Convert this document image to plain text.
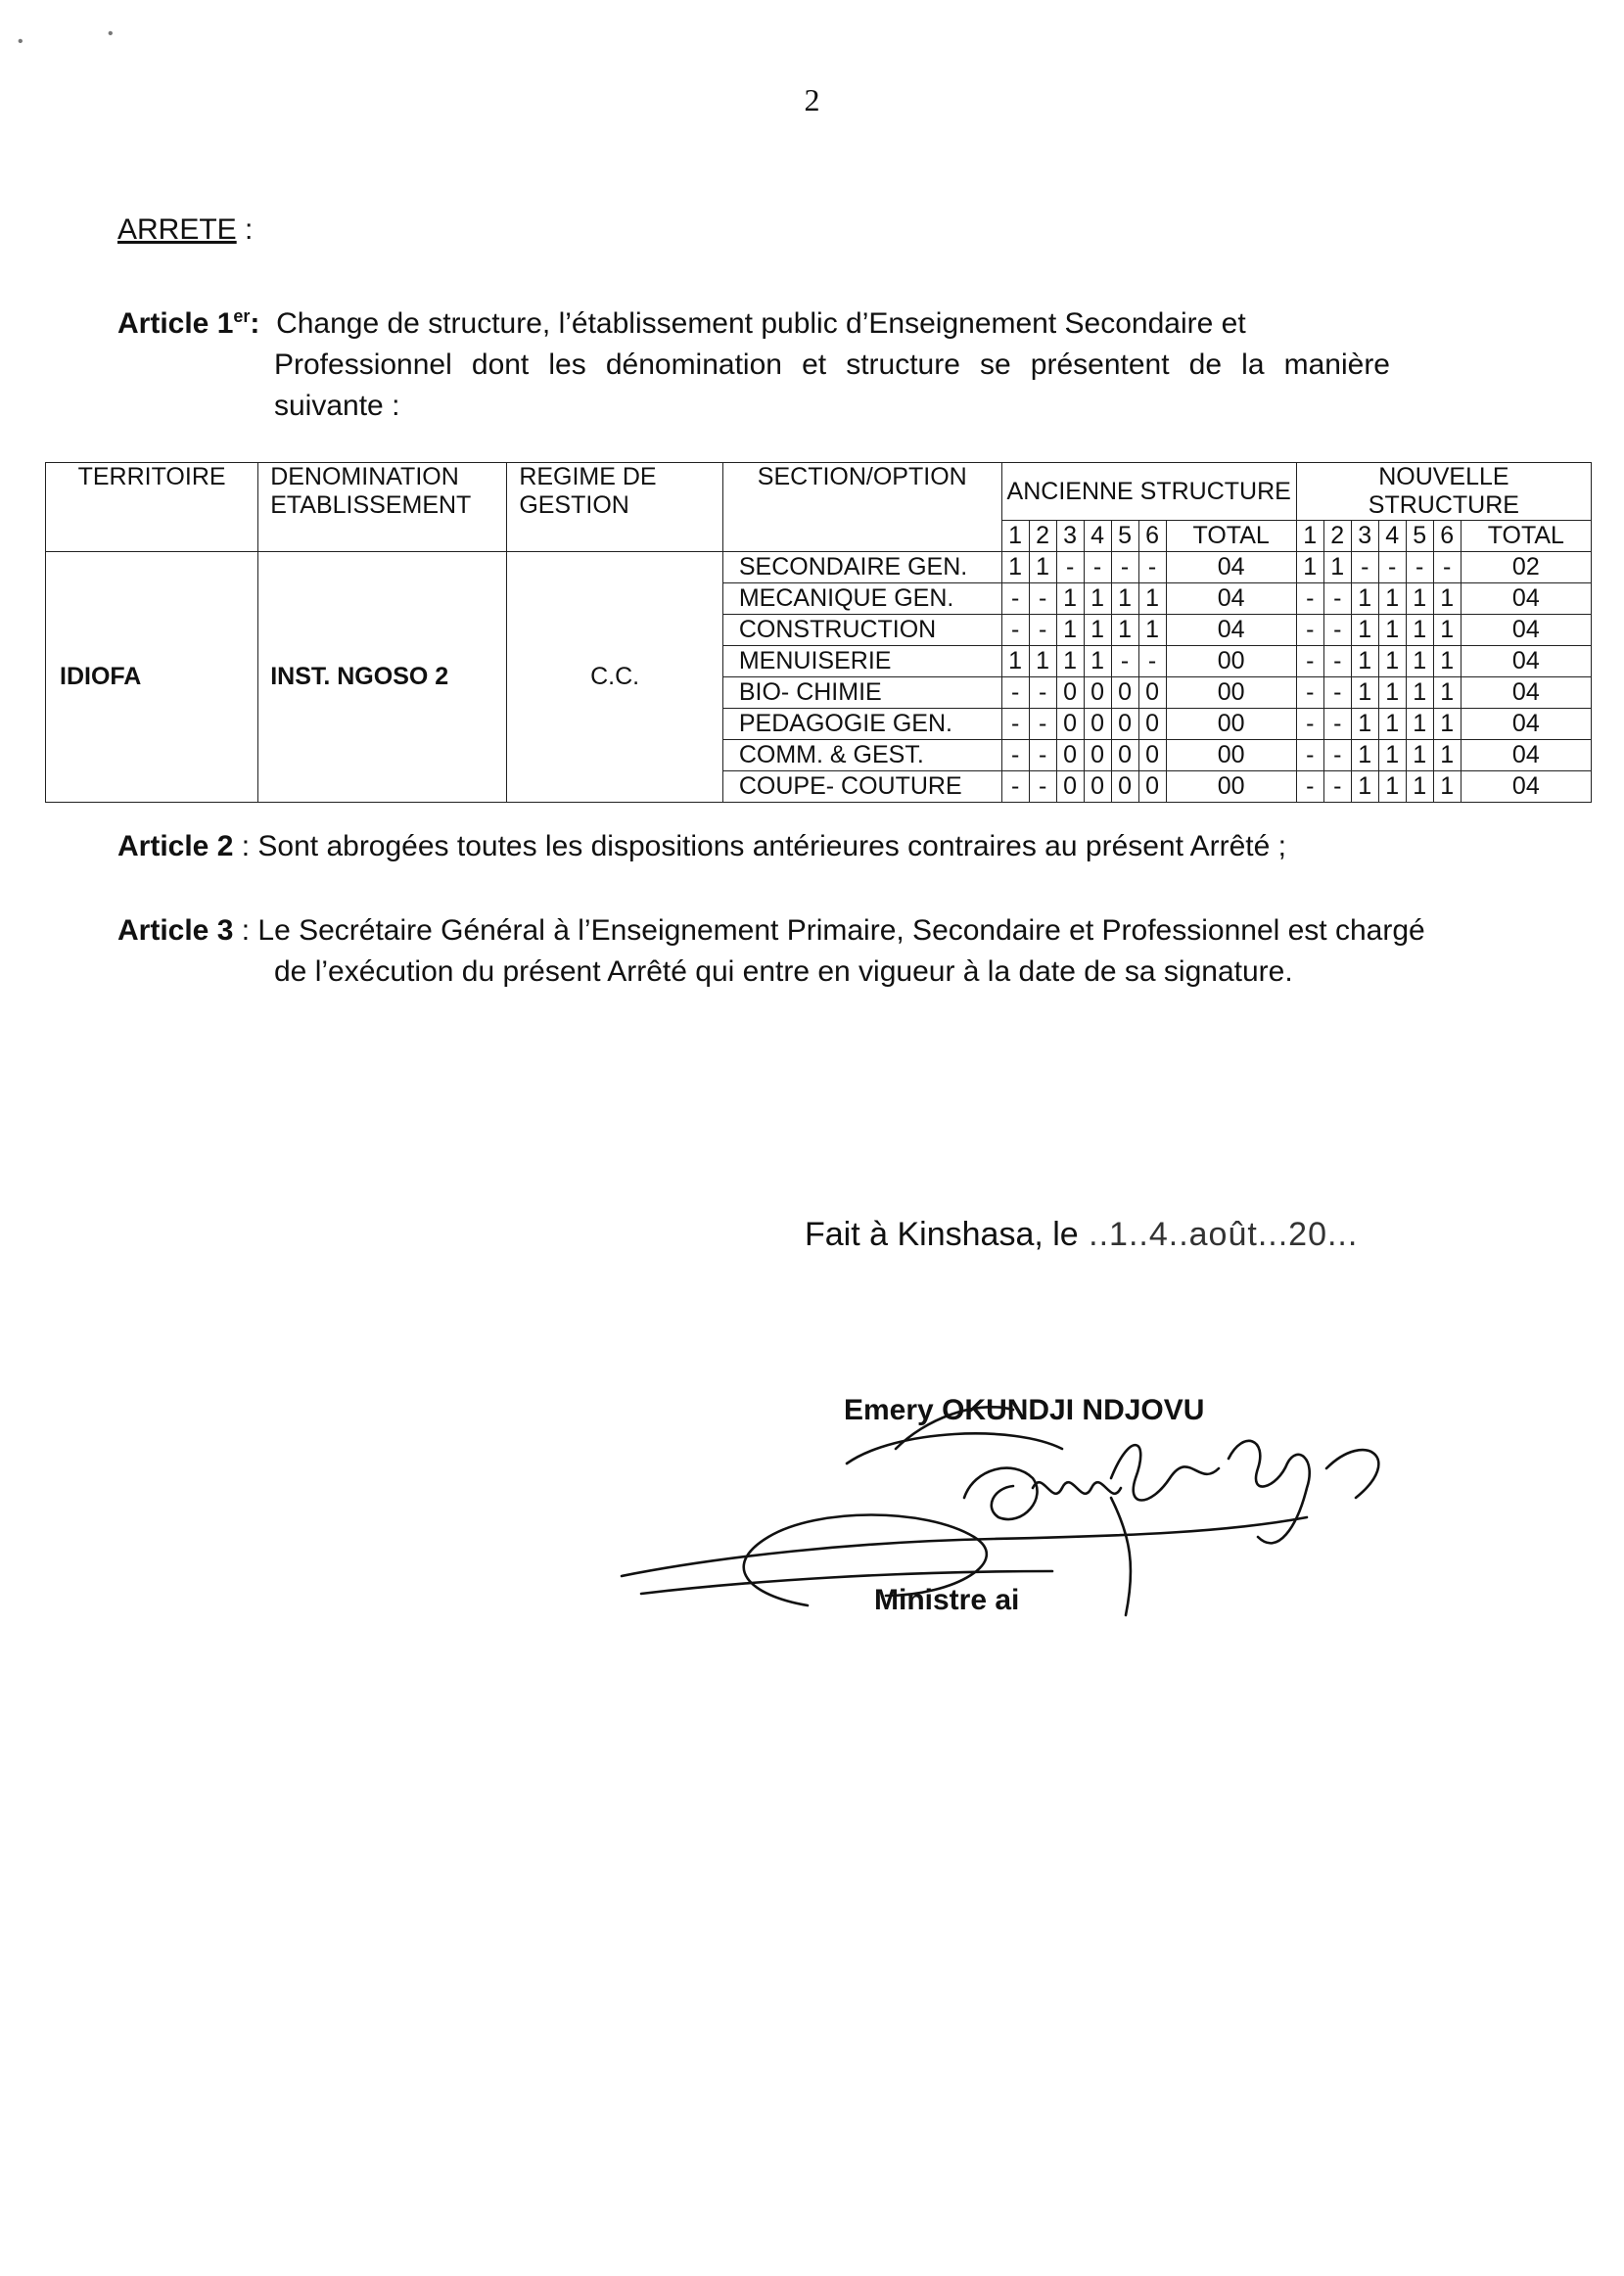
2
ARRETE :
Article 1er: Change de structure, l’établissement public d’Enseignement Secondaire et
Professionnel dont les dénomination et structure se présentent de la manière suivante :
TERRITOIRE	DENOMINATION ETABLISSEMENT	REGIME DE GESTION	SECTION/OPTION	ANCIENNE STRUCTURE							NOUVELLE STRUCTURE						
				1	2	3	4	5	6	TOTAL	1	2	3	4	5	6	TOTAL
IDIOFA	INST. NGOSO 2	C.C.	SECONDAIRE GEN.	1	1	-	-	-	-	04	1	1	-	-	-	-	02
			MECANIQUE GEN.	-	-	1	1	1	1	04	-	-	1	1	1	1	04
			CONSTRUCTION	-	-	1	1	1	1	04	-	-	1	1	1	1	04
			MENUISERIE	1	1	1	1	-	-	00	-	-	1	1	1	1	04
			BIO- CHIMIE	-	-	0	0	0	0	00	-	-	1	1	1	1	04
			PEDAGOGIE GEN.	-	-	0	0	0	0	00	-	-	1	1	1	1	04
			COMM. & GEST.	-	-	0	0	0	0	00	-	-	1	1	1	1	04
			COUPE- COUTURE	-	-	0	0	0	0	00	-	-	1	1	1	1	04
Article 2 : Sont abrogées toutes les dispositions antérieures contraires au présent Arrêté ;
Article 3 : Le Secrétaire Général à l’Enseignement Primaire, Secondaire et Professionnel est chargé
de l’exécution du présent Arrêté qui entre en vigueur à la date de sa signature.
Fait à Kinshasa, le ..1..4..août...20...
Emery OKUNDJI NDJOVU
Ministre ai
•	•
